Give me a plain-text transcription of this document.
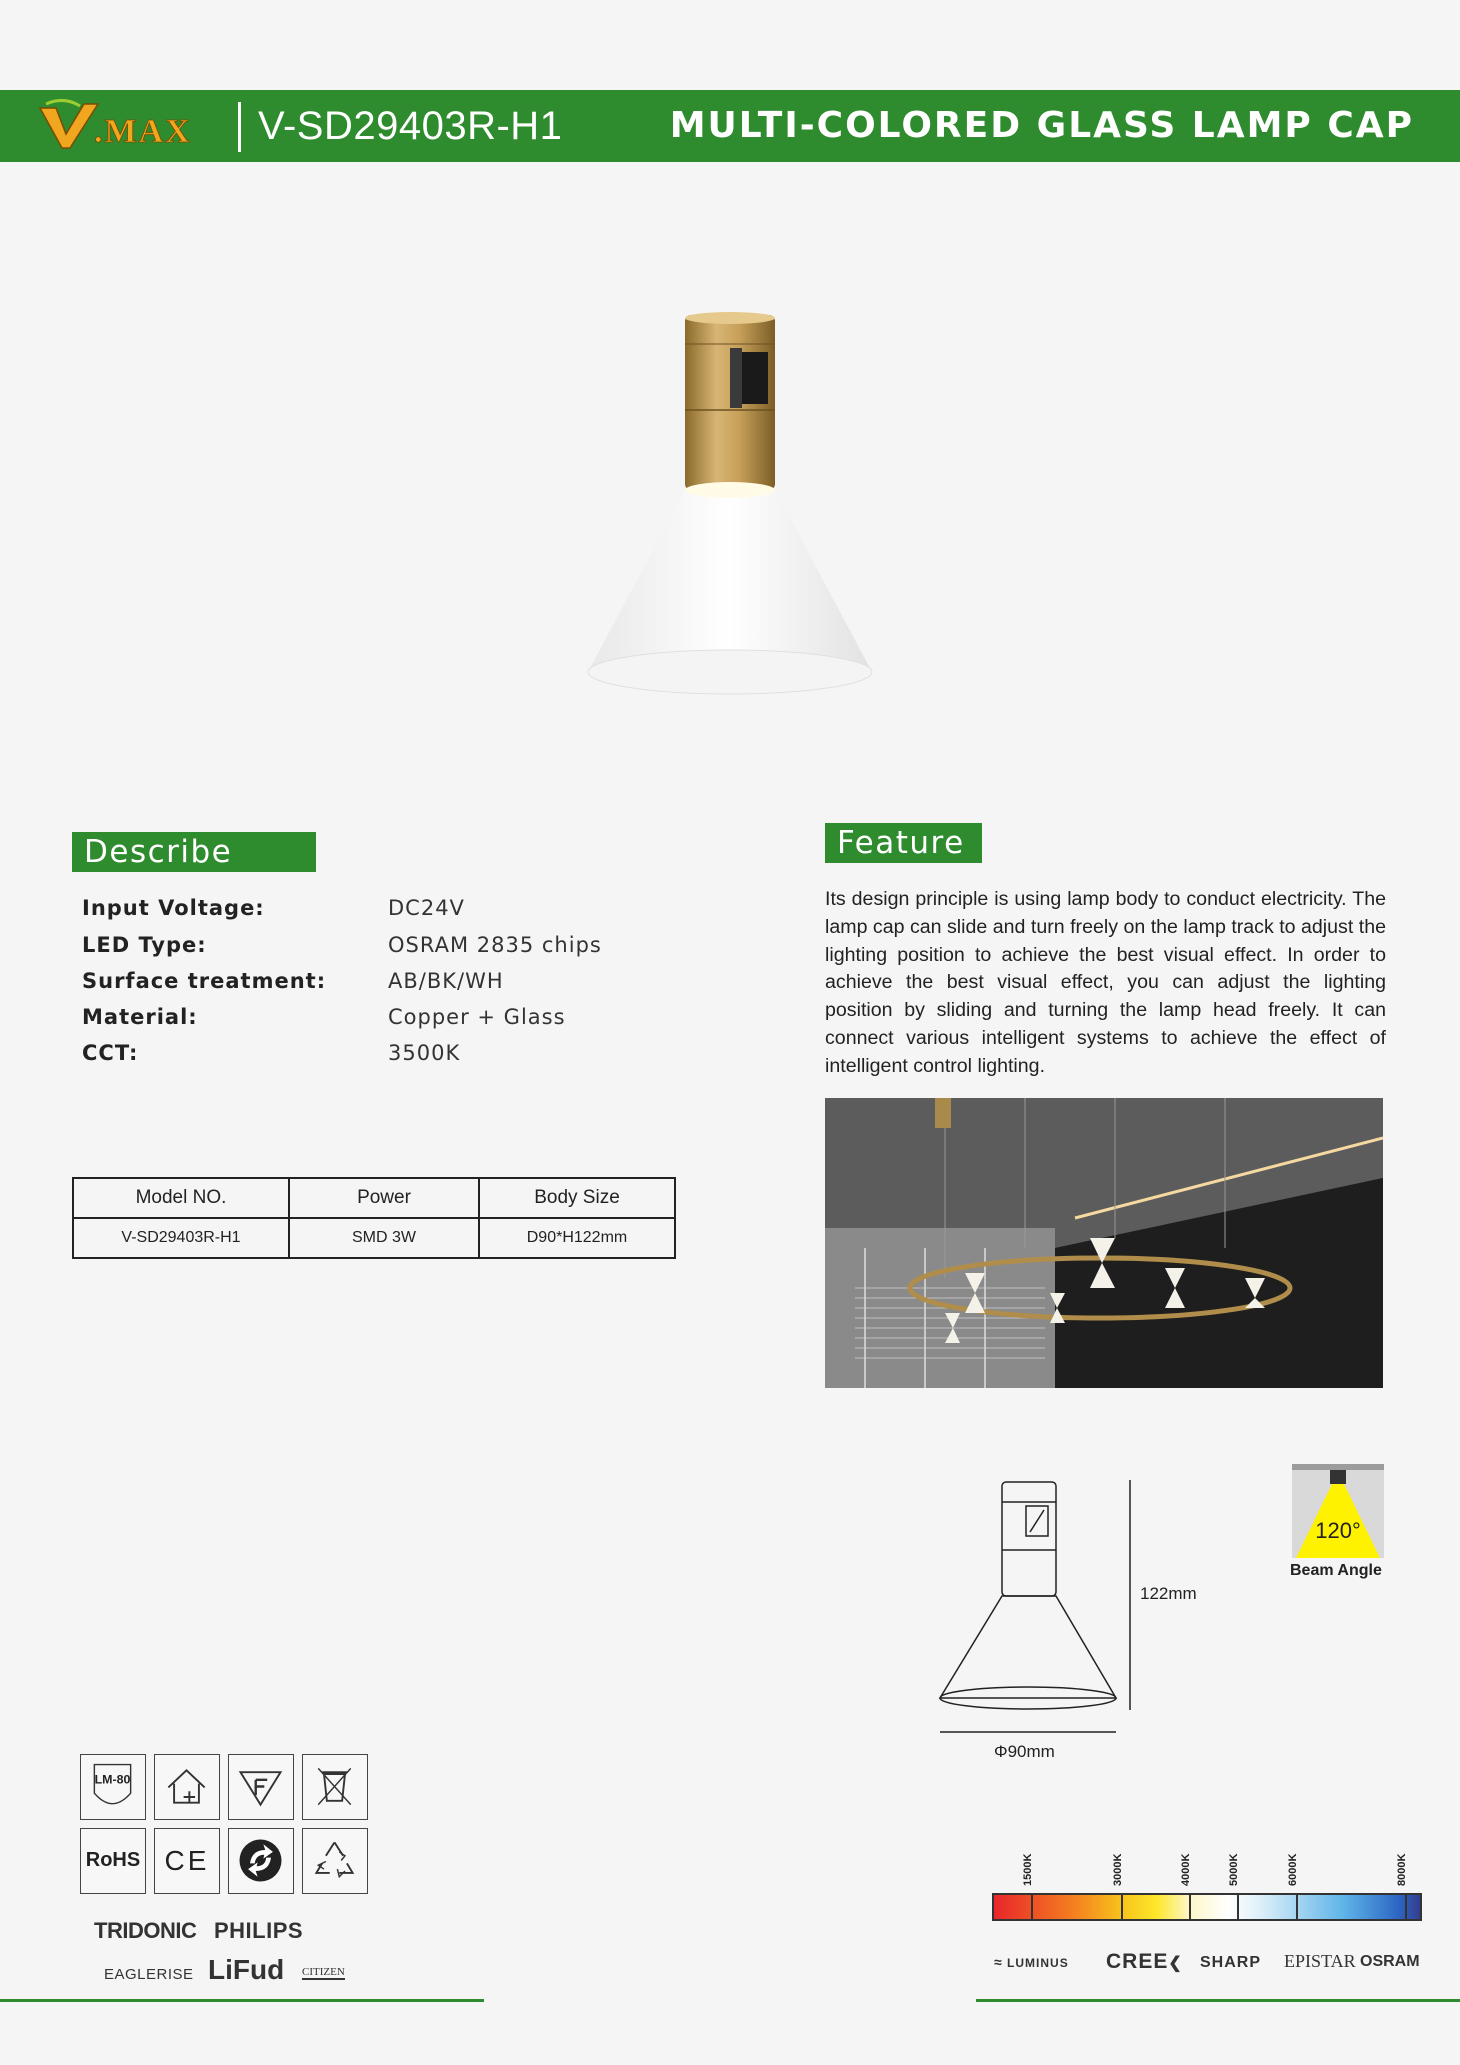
.MAX V-SD29403R-H1	MULTI-COLORED GLASS LAMP CAP
Describe
Input Voltage:	DC24V
LED Type:	OSRAM 2835 chips
Surface treatment:	AB/BK/WH
Material:	Copper + Glass
CCT:	3500K
Model NO.	Power	Body Size
V-SD29403R-H1	SMD 3W	D90*H122mm
Feature
Its design principle is using lamp body to conduct electricity. The lamp cap can slide and turn freely on the lamp track to adjust the lighting position to achieve the best visual effect. In order to achieve the best visual effect, you can adjust the lighting position by sliding and turning the lamp head freely. It can connect various intelligent systems to achieve the effect of intelligent control lighting.
122mm
Φ90mm
120°
Beam Angle
LM-80
RoHS CE
TRIDONIC PHILIPS
EAGLERISE LiFud CITIZEN
1500K	3000K	4000K	5000K	6000K	8000K
≈ LUMINUS CREE❮ SHARP EPISTAR OSRAM
